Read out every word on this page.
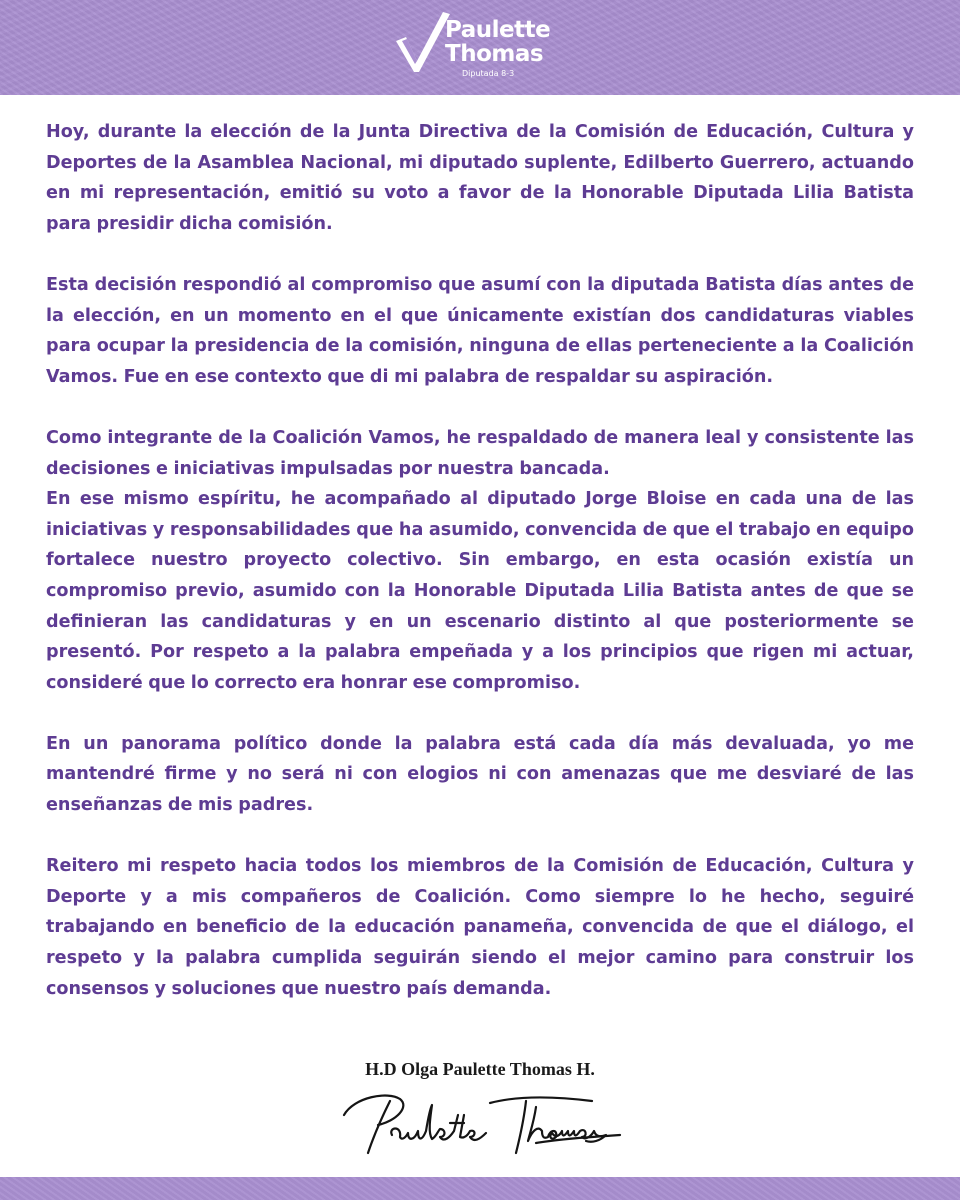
Paulette
Thomas
Diputada 8-3

Hoy, durante la elección de la Junta Directiva de la Comisión de Educación, Cultura y Deportes de la Asamblea Nacional, mi diputado suplente, Edilberto Guerrero, actuando en mi representación, emitió su voto a favor de la Honorable Diputada Lilia Batista para presidir dicha comisión.

Esta decisión respondió al compromiso que asumí con la diputada Batista días antes de la elección, en un momento en el que únicamente existían dos candidaturas viables para ocupar la presidencia de la comisión, ninguna de ellas perteneciente a la Coalición Vamos. Fue en ese contexto que di mi palabra de respaldar su aspiración.

Como integrante de la Coalición Vamos, he respaldado de manera leal y consistente las decisiones e iniciativas impulsadas por nuestra bancada.

En ese mismo espíritu, he acompañado al diputado Jorge Bloise en cada una de las iniciativas y responsabilidades que ha asumido, convencida de que el trabajo en equipo fortalece nuestro proyecto colectivo. Sin embargo, en esta ocasión existía un compromiso previo, asumido con la Honorable Diputada Lilia Batista antes de que se definieran las candidaturas y en un escenario distinto al que posteriormente se presentó. Por respeto a la palabra empeñada y a los principios que rigen mi actuar, consideré que lo correcto era honrar ese compromiso.

En un panorama político donde la palabra está cada día más devaluada, yo me mantendré firme y no será ni con elogios ni con amenazas que me desviaré de las enseñanzas de mis padres.

Reitero mi respeto hacia todos los miembros de la Comisión de Educación, Cultura y Deporte y a mis compañeros de Coalición. Como siempre lo he hecho, seguiré trabajando en beneficio de la educación panameña, convencida de que el diálogo, el respeto y la palabra cumplida seguirán siendo el mejor camino para construir los consensos y soluciones que nuestro país demanda.

H.D Olga Paulette Thomas H.
